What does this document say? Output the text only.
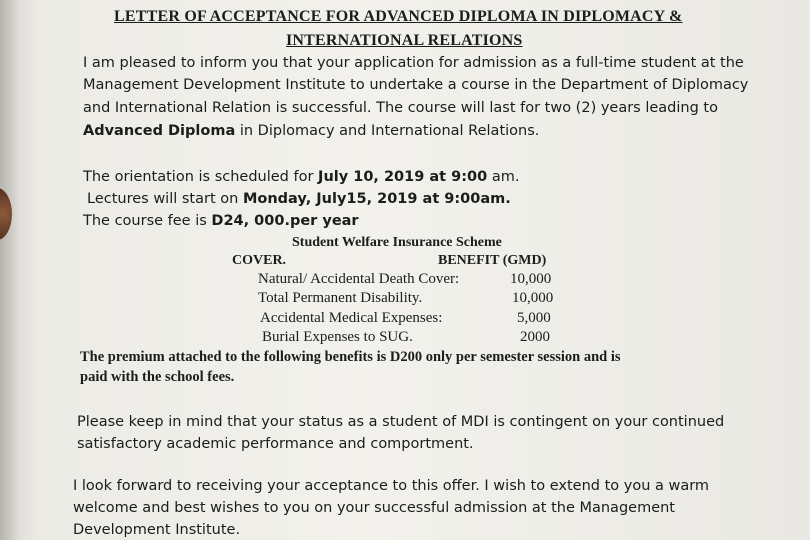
LETTER OF ACCEPTANCE FOR ADVANCED DIPLOMA IN DIPLOMACY &
INTERNATIONAL RELATIONS
I am pleased to inform you that your application for admission as a full-time student at the
Management Development Institute to undertake a course in the Department of Diplomacy
and International Relation is successful. The course will last for two (2) years leading to
Advanced Diploma in Diplomacy and International Relations.
The orientation is scheduled for July 10, 2019 at 9:00 am.
Lectures will start on Monday, July15, 2019 at 9:00am.
The course fee is D24, 000.per year
Student Welfare Insurance Scheme
COVER.	BENEFIT (GMD)
Natural/ Accidental Death Cover:	10,000
Total Permanent Disability.	10,000
Accidental Medical Expenses:	5,000
Burial Expenses to SUG.	2000
The premium attached to the following benefits is D200 only per semester session and is
paid with the school fees.
Please keep in mind that your status as a student of MDI is contingent on your continued
satisfactory academic performance and comportment.
I look forward to receiving your acceptance to this offer. I wish to extend to you a warm
welcome and best wishes to you on your successful admission at the Management
Development Institute.
